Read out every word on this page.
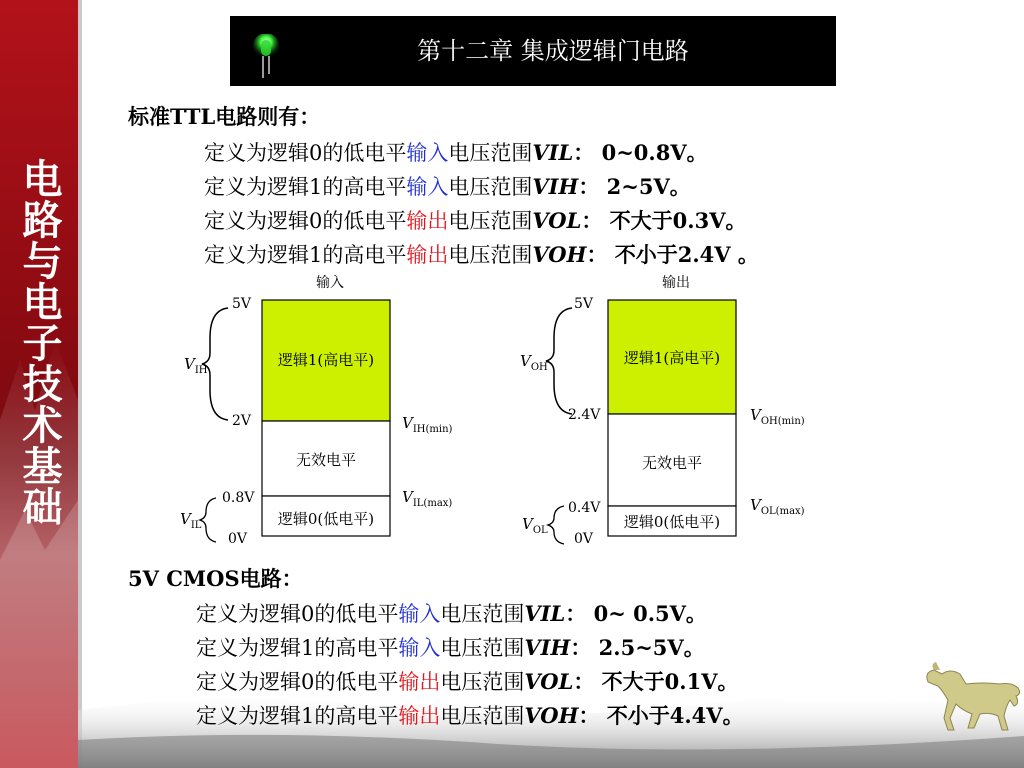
电路与电子技术基础
第十二章 集成逻辑门电路
标准TTL电路则有：
定义为逻辑0的低电平输入电压范围VIL： 0~0.8V。
定义为逻辑1的高电平输入电压范围VIH： 2~5V。
定义为逻辑0的低电平输出电压范围VOL： 不大于0.3V。
定义为逻辑1的高电平输出电压范围VOH： 不小于2.4V 。
输入
逻辑1(高电平)
无效电平
逻辑0(低电平)
5V
2V
0.8V
0V
$V_{IH}$
$V_{IL}$
$V_{IH(min)}$
$V_{IL(max)}$
输出
逻辑1(高电平)
无效电平
逻辑0(低电平)
5V
2.4V
0.4V
0V
$V_{OH}$
$V_{OL}$
$V_{OH(min)}$
$V_{OL(max)}$
5V CMOS电路：
定义为逻辑0的低电平输入电压范围VIL： 0~ 0.5V。
定义为逻辑1的高电平输入电压范围VIH： 2.5~5V。
定义为逻辑0的低电平输出电压范围VOL： 不大于0.1V。
定义为逻辑1的高电平输出电压范围VOH： 不小于4.4V。
